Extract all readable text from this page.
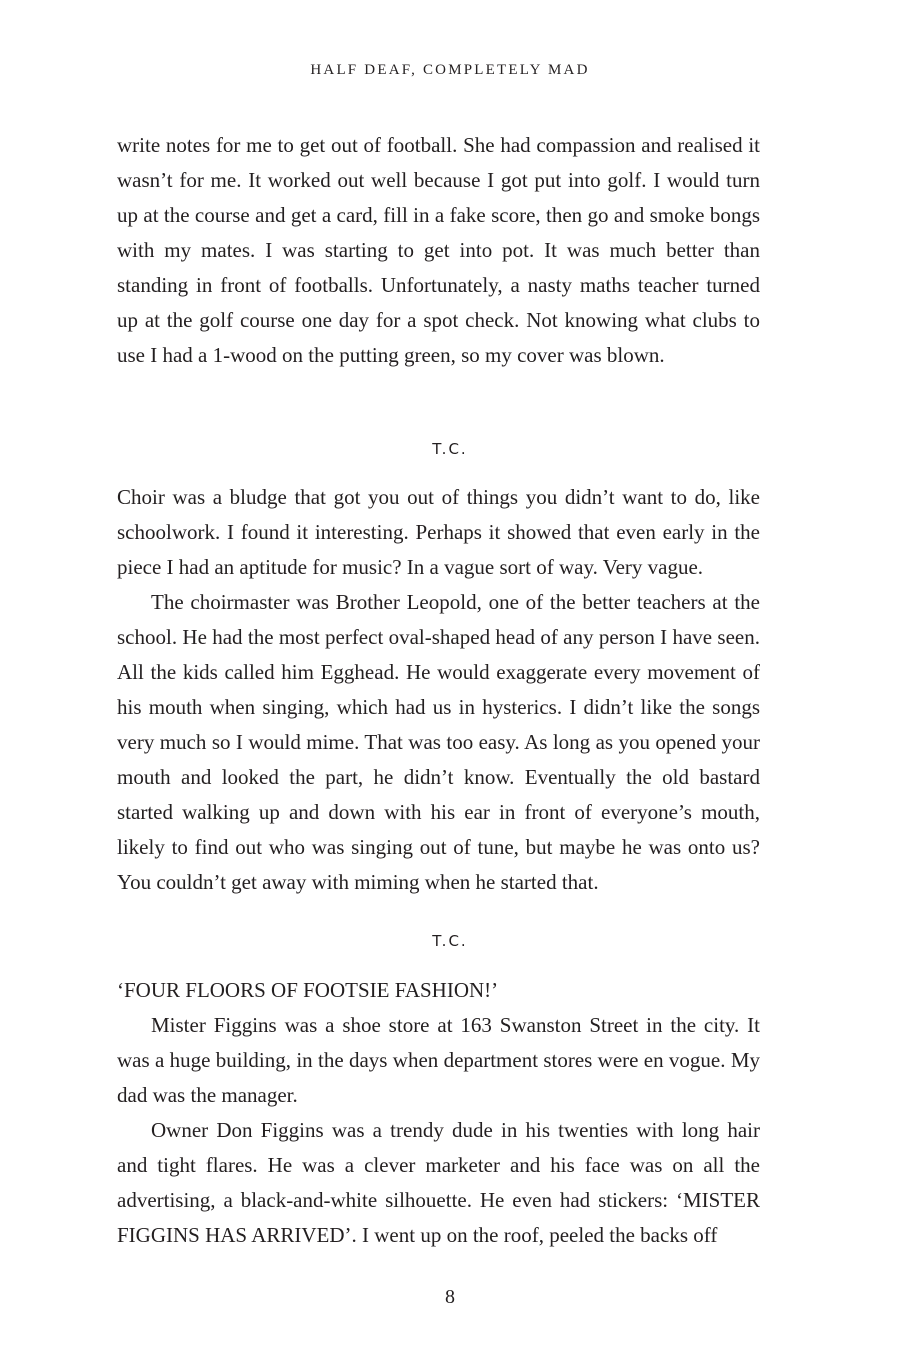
HALF DEAF, COMPLETELY MAD

write notes for me to get out of football. She had compassion and realised it wasn’t for me. It worked out well because I got put into golf. I would turn up at the course and get a card, fill in a fake score, then go and smoke bongs with my mates. I was starting to get into pot. It was much better than standing in front of footballs. Unfortunately, a nasty maths teacher turned up at the golf course one day for a spot check. Not knowing what clubs to use I had a 1-wood on the putting green, so my cover was blown.

T.C.

Choir was a bludge that got you out of things you didn’t want to do, like schoolwork. I found it interesting. Perhaps it showed that even early in the piece I had an aptitude for music? In a vague sort of way. Very vague.

The choirmaster was Brother Leopold, one of the better teachers at the school. He had the most perfect oval-shaped head of any person I have seen. All the kids called him Egghead. He would exaggerate every movement of his mouth when singing, which had us in hysterics. I didn’t like the songs very much so I would mime. That was too easy. As long as you opened your mouth and looked the part, he didn’t know. Eventually the old bastard started walking up and down with his ear in front of everyone’s mouth, likely to find out who was singing out of tune, but maybe he was onto us? You couldn’t get away with miming when he started that.

T.C.
‘FOUR FLOORS OF FOOTSIE FASHION!’

Mister Figgins was a shoe store at 163 Swanston Street in the city. It was a huge building, in the days when department stores were en vogue. My dad was the manager.

Owner Don Figgins was a trendy dude in his twenties with long hair and tight flares. He was a clever marketer and his face was on all the advertising, a black-and-white silhouette. He even had stickers: ‘MISTER FIGGINS HAS ARRIVED’. I went up on the roof, peeled the backs off

8
